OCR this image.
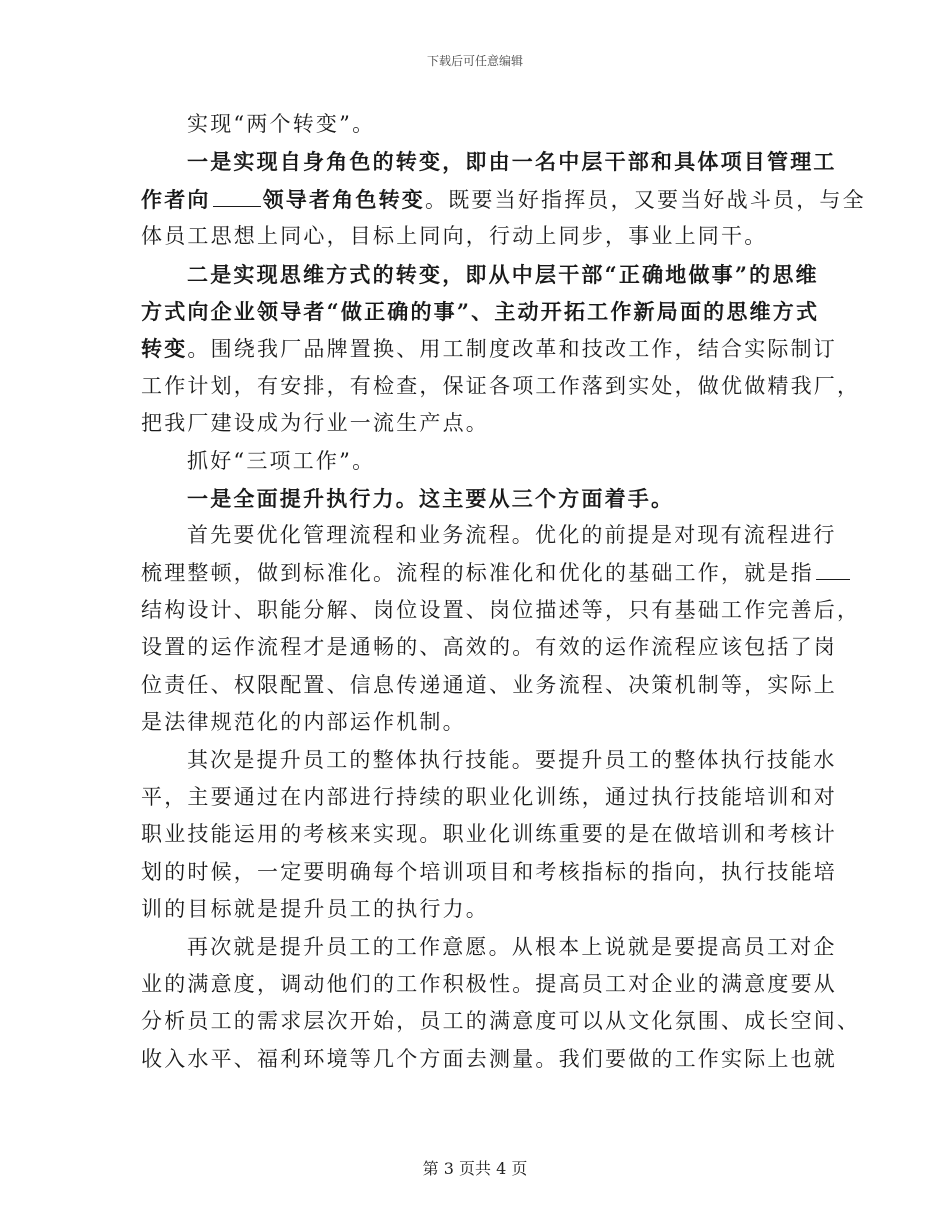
下载后可任意编辑
实现“两个转变”。
一是实现自身角色的转变，即由一名中层干部和具体项目管理工
作者向 领导者角色转变。既要当好指挥员，又要当好战斗员，与全
体员工思想上同心，目标上同向，行动上同步，事业上同干。
二是实现思维方式的转变，即从中层干部“正确地做事”的思维
方式向企业领导者“做正确的事”、主动开拓工作新局面的思维方式
转变。围绕我厂品牌置换、用工制度改革和技改工作，结合实际制订
工作计划，有安排，有检查，保证各项工作落到实处，做优做精我厂，
把我厂建设成为行业一流生产点。
抓好“三项工作”。
一是全面提升执行力。这主要从三个方面着手。
首先要优化管理流程和业务流程。优化的前提是对现有流程进行
梳理整顿，做到标准化。流程的标准化和优化的基础工作，就是指
结构设计、职能分解、岗位设置、岗位描述等，只有基础工作完善后，
设置的运作流程才是通畅的、高效的。有效的运作流程应该包括了岗
位责任、权限配置、信息传递通道、业务流程、决策机制等，实际上
是法律规范化的内部运作机制。
其次是提升员工的整体执行技能。要提升员工的整体执行技能水
平，主要通过在内部进行持续的职业化训练，通过执行技能培训和对
职业技能运用的考核来实现。职业化训练重要的是在做培训和考核计
划的时候，一定要明确每个培训项目和考核指标的指向，执行技能培
训的目标就是提升员工的执行力。
再次就是提升员工的工作意愿。从根本上说就是要提高员工对企
业的满意度，调动他们的工作积极性。提高员工对企业的满意度要从
分析员工的需求层次开始，员工的满意度可以从文化氛围、成长空间、
收入水平、福利环境等几个方面去测量。我们要做的工作实际上也就
第 3 页共 4 页
